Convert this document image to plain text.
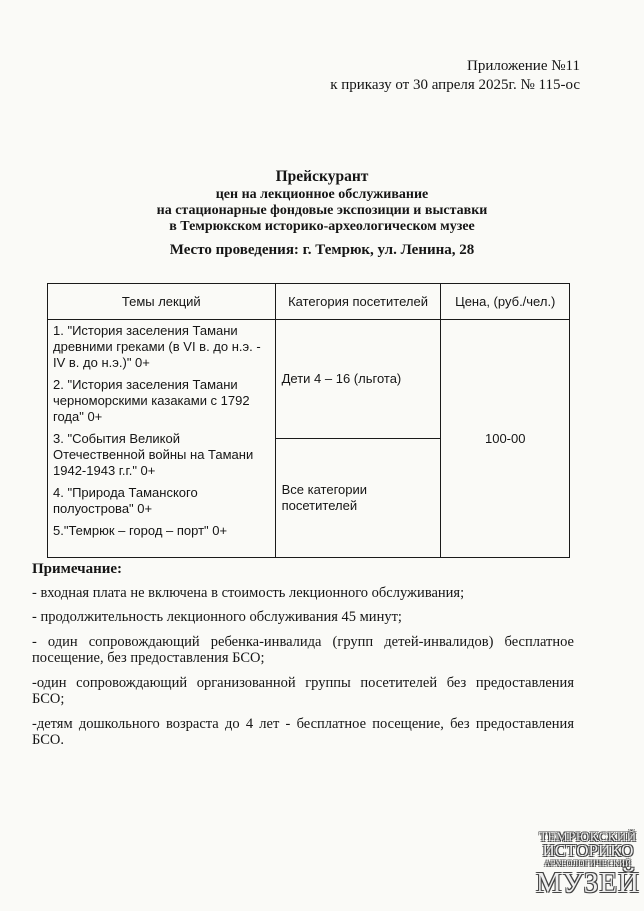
Приложение №11
к приказу от 30 апреля 2025г. № 115-ос
Прейскурант
цен на лекционное обслуживание
на стационарные фондовые экспозиции и выставки
в Темрюкском историко-археологическом музее
Место проведения: г. Темрюк, ул. Ленина, 28
Темы лекций	Категория посетителей	Цена, (руб./чел.)

1. "История заселения Тамани древними греками (в VI в. до н.э. - IV в. до н.э.)" 0+
2. "История заселения Тамани черноморскими казаками с 1792 года" 0+
3. "События Великой Отечественной войны на Тамани 1942-1943 г.г." 0+
4. "Природа Таманского полуострова" 0+
5."Темрюк – город – порт" 0+	Дети 4 – 16 (льгота)	100-00
	Все категории посетителей	
Примечание:
- входная плата не включена в стоимость лекционного обслуживания;
- продолжительность лекционного обслуживания 45 минут;
- один сопровождающий ребенка-инвалида (групп детей-инвалидов) бесплатное посещение, без предоставления БСО;
-один сопровождающий организованной группы посетителей без предоставления БСО;
-детям дошкольного возраста до 4 лет - бесплатное посещение, без предоставления БСО.
ТЕМРЮКСКИЙ
ИСТОРИКО
АРХЕОЛОГИЧЕСКИЙ
МУЗЕЙ
